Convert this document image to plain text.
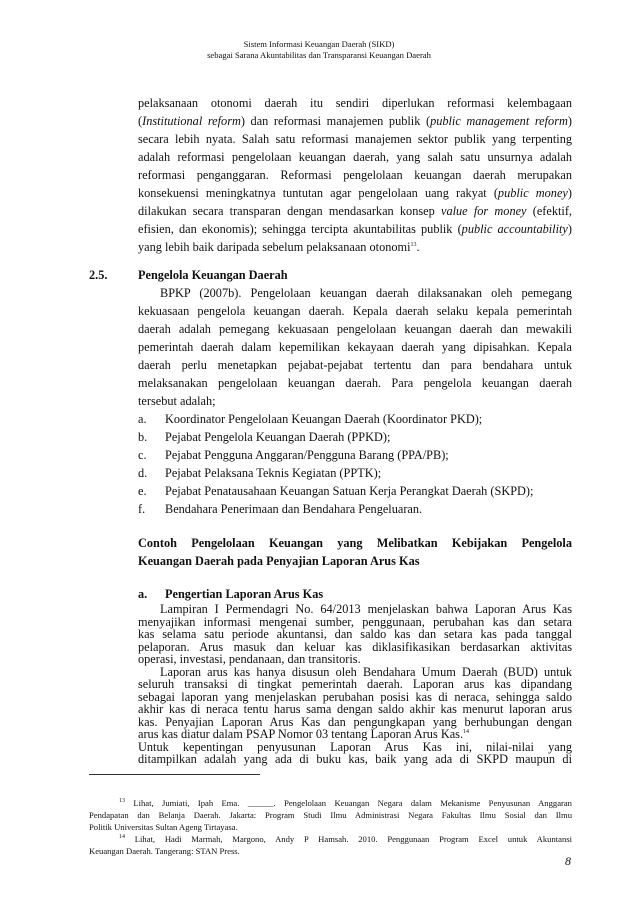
Sistem Informasi Keuangan Daerah (SIKD)
sebagai Sarana Akuntabilitas dan Transparansi Keuangan Daerah
pelaksanaan otonomi daerah itu sendiri diperlukan reformasi kelembagaan
(Institutional reform) dan reformasi manajemen publik (public management reform)
secara lebih nyata. Salah satu reformasi manajemen sektor publik yang terpenting
adalah reformasi pengelolaan keuangan daerah, yang salah satu unsurnya adalah
reformasi penganggaran. Reformasi pengelolaan keuangan daerah merupakan
konsekuensi meningkatnya tuntutan agar pengelolaan uang rakyat (public money)
dilakukan secara transparan dengan mendasarkan konsep value for money (efektif,
efisien, dan ekonomis); sehingga tercipta akuntabilitas publik (public accountability)
yang lebih baik daripada sebelum pelaksanaan otonomi$^{13}$.
2.5. Pengelola Keuangan Daerah
BPKP (2007b). Pengelolaan keuangan daerah dilaksanakan oleh pemegang
kekuasaan pengelola keuangan daerah. Kepala daerah selaku kepala pemerintah
daerah adalah pemegang kekuasaan pengelolaan keuangan daerah dan mewakili
pemerintah daerah dalam kepemilikan kekayaan daerah yang dipisahkan. Kepala
daerah perlu menetapkan pejabat-pejabat tertentu dan para bendahara untuk
melaksanakan pengelolaan keuangan daerah. Para pengelola keuangan daerah
tersebut adalah;
a. Koordinator Pengelolaan Keuangan Daerah (Koordinator PKD);
b. Pejabat Pengelola Keuangan Daerah (PPKD);
c. Pejabat Pengguna Anggaran/Pengguna Barang (PPA/PB);
d. Pejabat Pelaksana Teknis Kegiatan (PPTK);
e. Pejabat Penatausahaan Keuangan Satuan Kerja Perangkat Daerah (SKPD);
f. Bendahara Penerimaan dan Bendahara Pengeluaran.
Contoh Pengelolaan Keuangan yang Melibatkan Kebijakan Pengelola
Keuangan Daerah pada Penyajian Laporan Arus Kas
a. Pengertian Laporan Arus Kas
Lampiran I Permendagri No. 64/2013 menjelaskan bahwa Laporan Arus Kas
menyajikan informasi mengenai sumber, penggunaan, perubahan kas dan setara
kas selama satu periode akuntansi, dan saldo kas dan setara kas pada tanggal
pelaporan. Arus masuk dan keluar kas diklasifikasikan berdasarkan aktivitas
operasi, investasi, pendanaan, dan transitoris.
Laporan arus kas hanya disusun oleh Bendahara Umum Daerah (BUD) untuk
seluruh transaksi di tingkat pemerintah daerah. Laporan arus kas dipandang
sebagai laporan yang menjelaskan perubahan posisi kas di neraca, sehingga saldo
akhir kas di neraca tentu harus sama dengan saldo akhir kas menurut laporan arus
$^{13}$ Lihat, Jumiati, Ipah Ema. ______. Pengelolaan Keuangan Negara dalam Mekanisme Penyusunan Anggaran
Pendapatan dan Belanja Daerah. Jakarta: Program Studi Ilmu Administrasi Negara Fakultas Ilmu Sosial dan Ilmu
Politik Universitas Sultan Ageng Tirtayasa.
$^{14}$ Lihat, Hadi Marmah, Margono, Andy P Hamsah. 2010. Penggunaan Program Excel untuk Akuntansi
Keuangan Daerah. Tangerang: STAN Press.
8
kas. Penyajian Laporan Arus Kas dan pengungkapan yang berhubungan dengan
arus kas diatur dalam PSAP Nomor 03 tentang Laporan Arus Kas.$^{14}$
Untuk kepentingan penyusunan Laporan Arus Kas ini, nilai-nilai yang
ditampilkan adalah yang ada di buku kas, baik yang ada di SKPD maupun di
